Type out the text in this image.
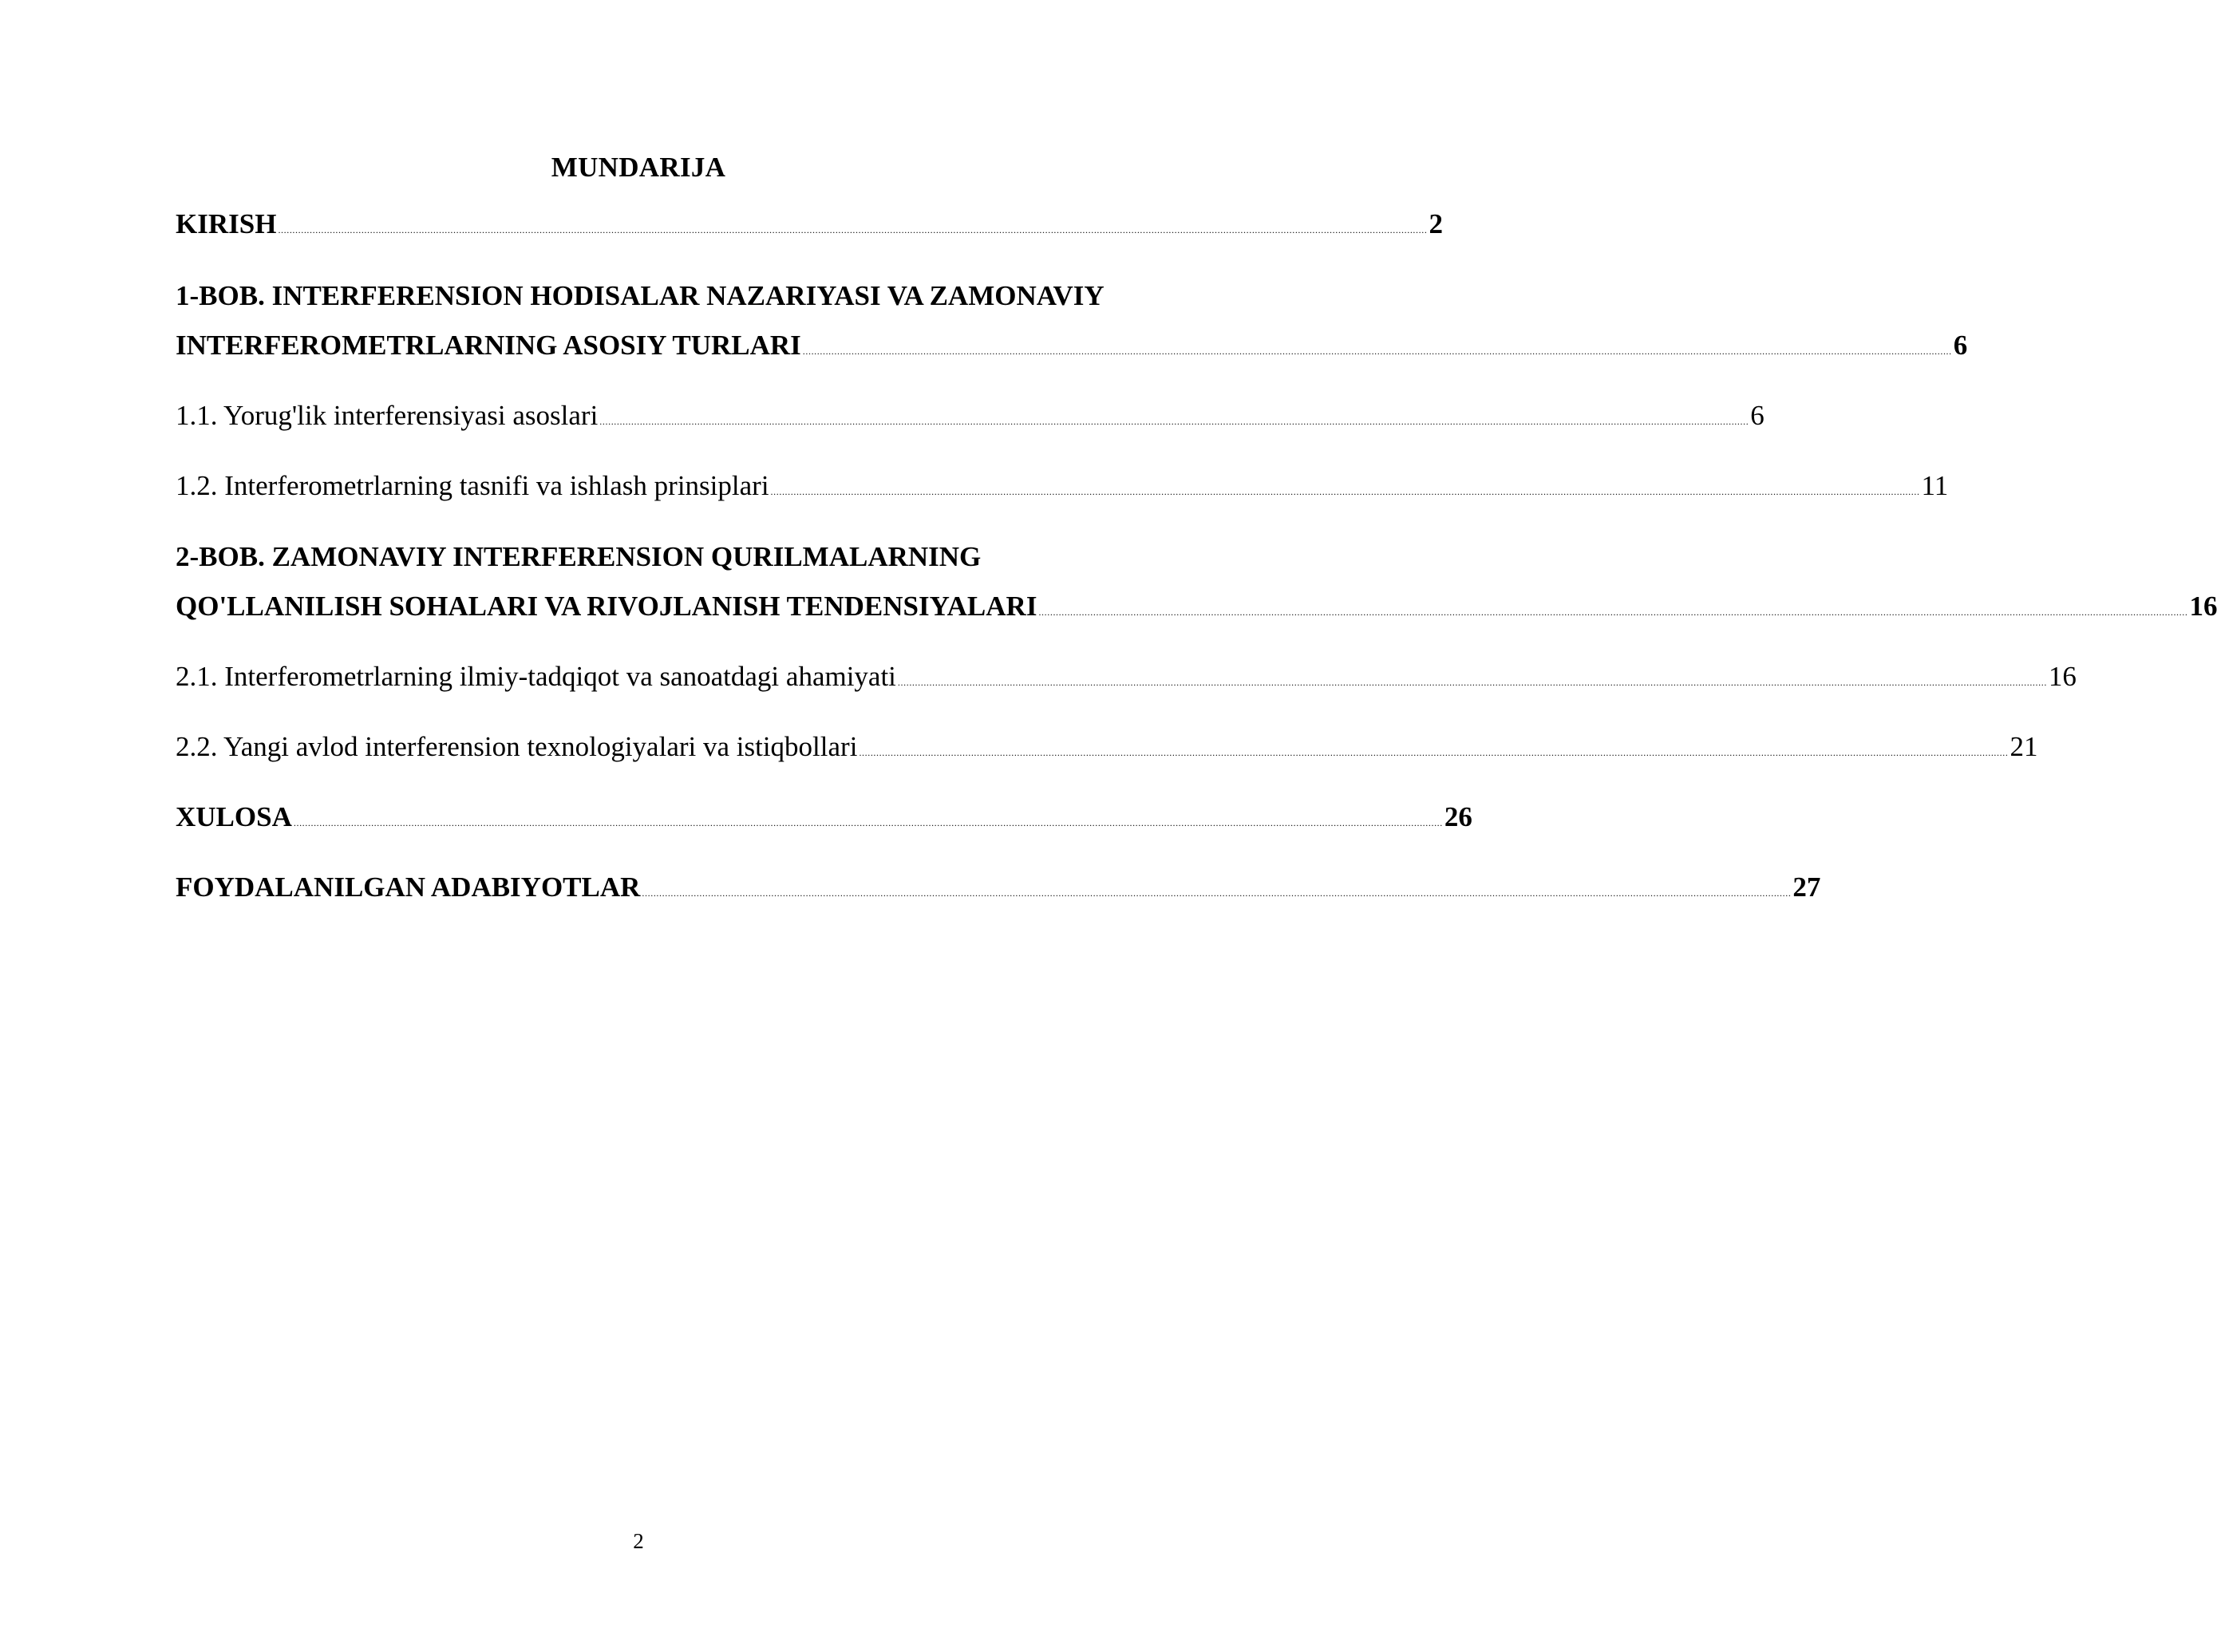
MUNDARIJA
KIRISH ................................................................................................................................................................................................................................................................................................................................................................................................................ 2
1-BOB. INTERFERENSION HODISALAR NAZARIYASI VA ZAMONAVIY
INTERFEROMETRLARNING ASOSIY TURLARI ................................................................................................................................................................................................................................................................................................................................................................................................................ 6
1.1. Yorug'lik interferensiyasi asoslari ................................................................................................................................................................................................................................................................................................................................................................................................................ 6
1.2. Interferometrlarning tasnifi va ishlash prinsiplari ................................................................................................................................................................................................................................................................................................................................................................................................................ 11
2-BOB. ZAMONAVIY INTERFERENSION QURILMALARNING
QO'LLANILISH SOHALARI VA RIVOJLANISH TENDENSIYALARI ................................................................................................................................................................................................................................................................................................................................................................................................................ 16
2.1. Interferometrlarning ilmiy-tadqiqot va sanoatdagi ahamiyati ................................................................................................................................................................................................................................................................................................................................................................................................................ 16
2.2. Yangi avlod interferension texnologiyalari va istiqbollari ................................................................................................................................................................................................................................................................................................................................................................................................................ 21
XULOSA ................................................................................................................................................................................................................................................................................................................................................................................................................ 26
FOYDALANILGAN ADABIYOTLAR ................................................................................................................................................................................................................................................................................................................................................................................................................ 27
2
